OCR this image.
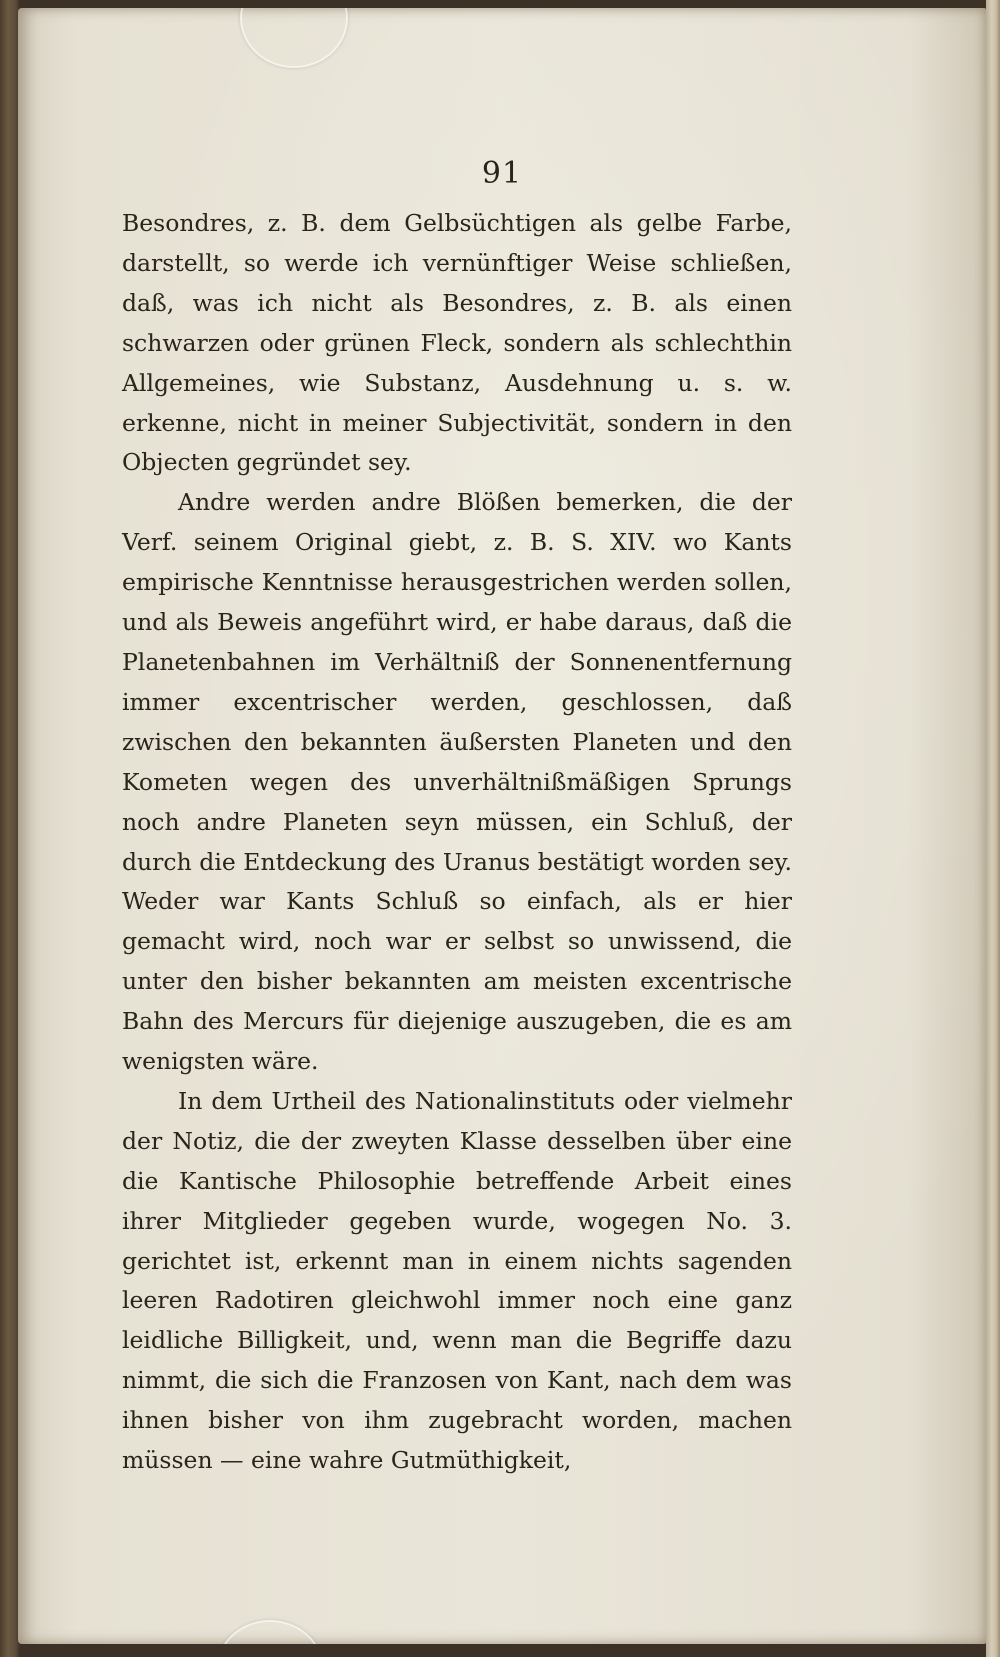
91

Besondres, z. B. dem Gelbsüchtigen als gelbe Farbe, darstellt, so werde ich vernünftiger Weise schließen, daß, was ich nicht als Besondres, z. B. als einen schwarzen oder grünen Fleck, sondern als schlechthin Allgemeines, wie Substanz, Ausdehnung u. s. w. erkenne, nicht in meiner Subjectivität, sondern in den Objecten gegründet sey.

Andre werden andre Blößen bemerken, die der Verf. seinem Original giebt, z. B. S. XIV. wo Kants empirische Kenntnisse herausgestrichen werden sollen, und als Beweis angeführt wird, er habe daraus, daß die Planetenbahnen im Verhältniß der Sonnenentfernung immer excentrischer werden, geschlossen, daß zwischen den bekannten äußersten Planeten und den Kometen wegen des unverhältnißmäßigen Sprungs noch andre Planeten seyn müssen, ein Schluß, der durch die Entdeckung des Uranus bestätigt worden sey. Weder war Kants Schluß so einfach, als er hier gemacht wird, noch war er selbst so unwissend, die unter den bisher bekannten am meisten excentrische Bahn des Mercurs für diejenige auszugeben, die es am wenigsten wäre.

In dem Urtheil des Nationalinstituts oder vielmehr der Notiz, die der zweyten Klasse desselben über eine die Kantische Philosophie betreffende Arbeit eines ihrer Mitglieder gegeben wurde, wogegen No. 3. gerichtet ist, erkennt man in einem nichts sagenden leeren Radotiren gleichwohl immer noch eine ganz leidliche Billigkeit, und, wenn man die Begriffe dazu nimmt, die sich die Franzosen von Kant, nach dem was ihnen bisher von ihm zugebracht worden, machen müssen — eine wahre Gutmüthigkeit,
